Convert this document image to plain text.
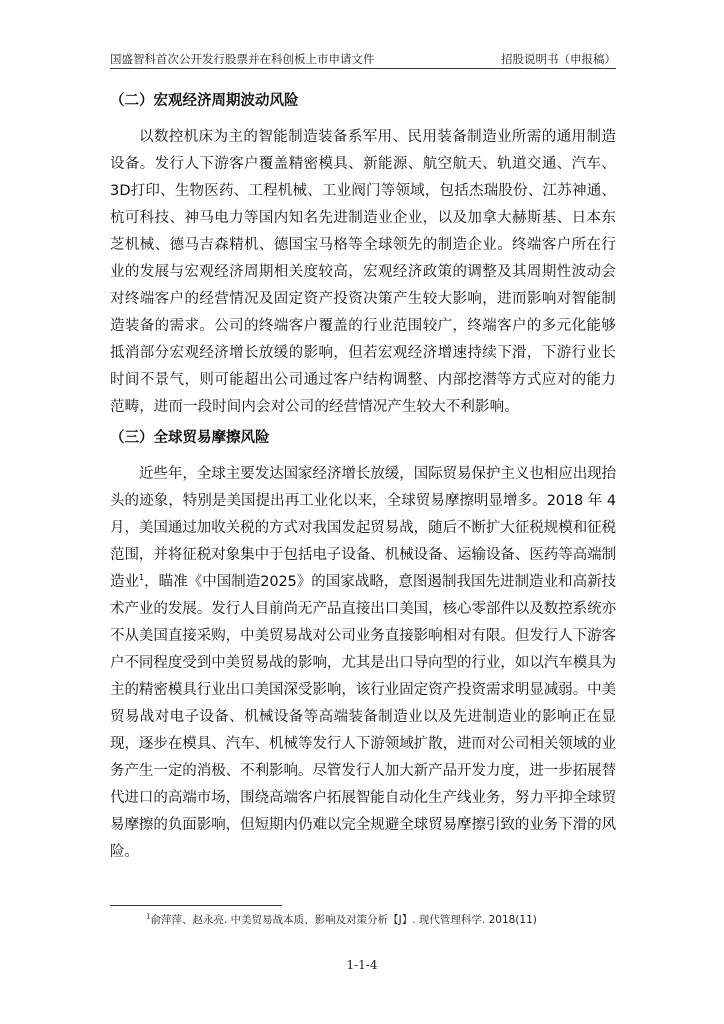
国盛智科首次公开发行股票并在科创板上市申请文件	招股说明书（申报稿）
（二）宏观经济周期波动风险

以数控机床为主的智能制造装备系军用、民用装备制造业所需的通用制造设备。发行人下游客户覆盖精密模具、新能源、航空航天、轨道交通、汽车、3D打印、生物医药、工程机械、工业阀门等领域，包括杰瑞股份、江苏神通、杭可科技、神马电力等国内知名先进制造业企业，以及加拿大赫斯基、日本东芝机械、德马吉森精机、德国宝马格等全球领先的制造企业。终端客户所在行业的发展与宏观经济周期相关度较高，宏观经济政策的调整及其周期性波动会对终端客户的经营情况及固定资产投资决策产生较大影响，进而影响对智能制造装备的需求。公司的终端客户覆盖的行业范围较广，终端客户的多元化能够抵消部分宏观经济增长放缓的影响，但若宏观经济增速持续下滑，下游行业长时间不景气，则可能超出公司通过客户结构调整、内部挖潜等方式应对的能力范畴，进而一段时间内会对公司的经营情况产生较大不利影响。

（三）全球贸易摩擦风险

近些年，全球主要发达国家经济增长放缓，国际贸易保护主义也相应出现抬头的迹象，特别是美国提出再工业化以来，全球贸易摩擦明显增多。2018 年 4月，美国通过加收关税的方式对我国发起贸易战，随后不断扩大征税规模和征税范围，并将征税对象集中于包括电子设备、机械设备、运输设备、医药等高端制造业$^1$，瞄准《中国制造2025》的国家战略，意图遏制我国先进制造业和高新技术产业的发展。发行人目前尚无产品直接出口美国，核心零部件以及数控系统亦不从美国直接采购，中美贸易战对公司业务直接影响相对有限。但发行人下游客户不同程度受到中美贸易战的影响，尤其是出口导向型的行业，如以汽车模具为主的精密模具行业出口美国深受影响，该行业固定资产投资需求明显减弱。中美贸易战对电子设备、机械设备等高端装备制造业以及先进制造业的影响正在显现，逐步在模具、汽车、机械等发行人下游领域扩散，进而对公司相关领域的业务产生一定的消极、不利影响。尽管发行人加大新产品开发力度，进一步拓展替代进口的高端市场，围绕高端客户拓展智能自动化生产线业务，努力平抑全球贸易摩擦的负面影响，但短期内仍难以完全规避全球贸易摩擦引致的业务下滑的风险。

$^1$俞萍萍、赵永亮. 中美贸易战本质、影响及对策分析【J】. 现代管理科学. 2018(11)
1-1-4
